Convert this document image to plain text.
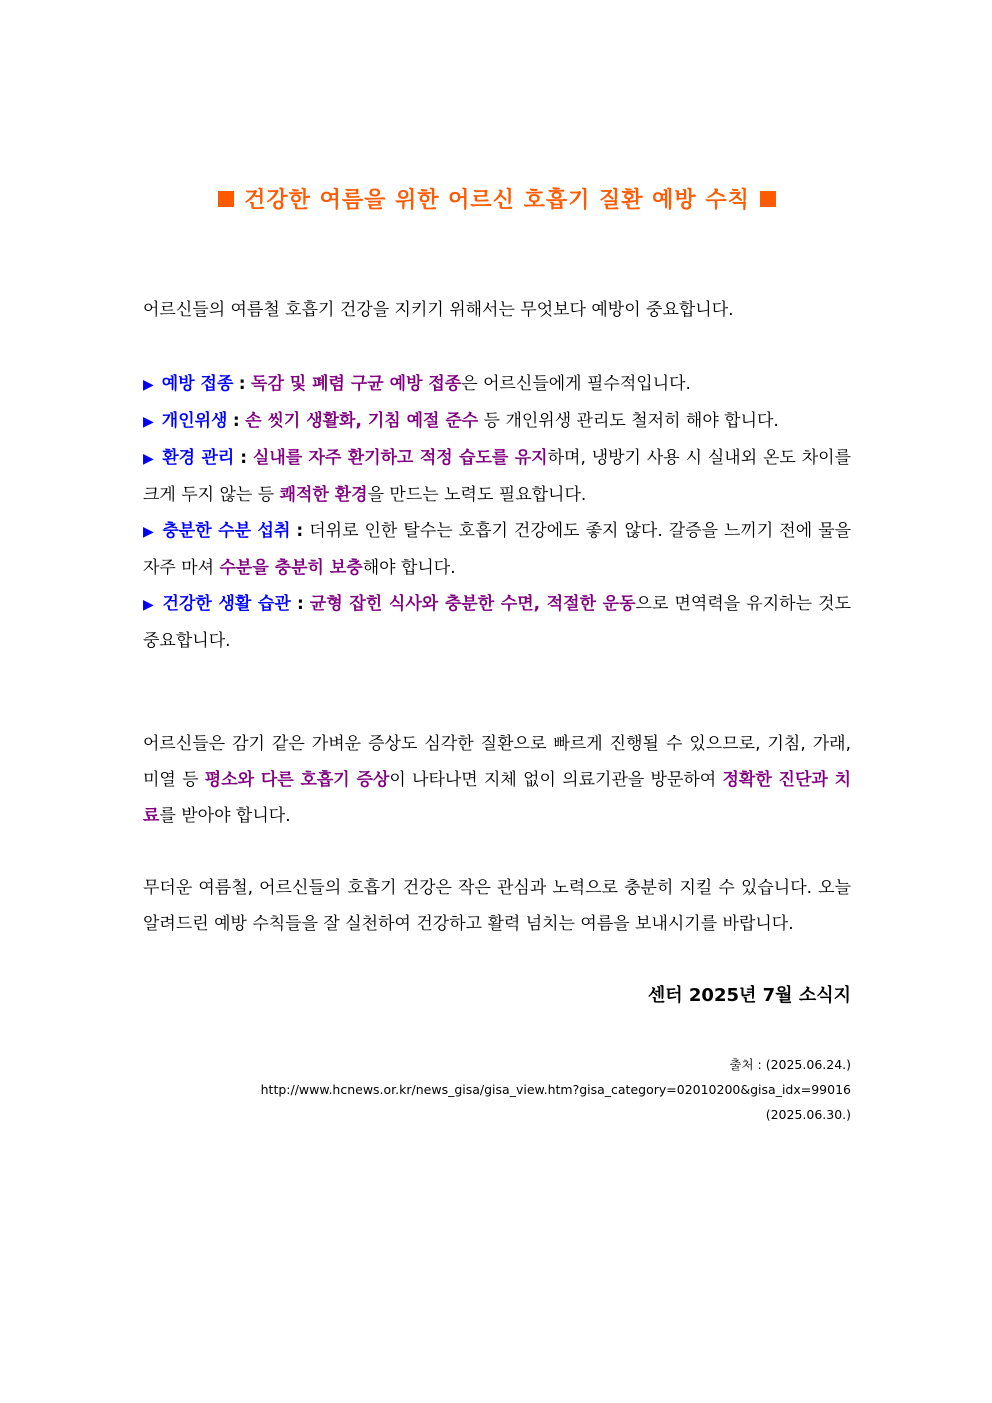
건강한 여름을 위한 어르신 호흡기 질환 예방 수칙
어르신들의 여름철 호흡기 건강을 지키기 위해서는 무엇보다 예방이 중요합니다.

▶ 예방 접종 : 독감 및 폐렴 구균 예방 접종은 어르신들에게 필수적입니다.

▶ 개인위생 : 손 씻기 생활화, 기침 예절 준수 등 개인위생 관리도 철저히 해야 합니다.

▶ 환경 관리 : 실내를 자주 환기하고 적정 습도를 유지하며, 냉방기 사용 시 실내외 온도 차이를 크게 두지 않는 등 쾌적한 환경을 만드는 노력도 필요합니다.

▶ 충분한 수분 섭취 : 더위로 인한 탈수는 호흡기 건강에도 좋지 않다. 갈증을 느끼기 전에 물을 자주 마셔 수분을 충분히 보충해야 합니다.

▶ 건강한 생활 습관 : 균형 잡힌 식사와 충분한 수면, 적절한 운동으로 면역력을 유지하는 것도 중요합니다.

어르신들은 감기 같은 가벼운 증상도 심각한 질환으로 빠르게 진행될 수 있으므로, 기침, 가래, 미열 등 평소와 다른 호흡기 증상이 나타나면 지체 없이 의료기관을 방문하여 정확한 진단과 치료를 받아야 합니다.
무더운 여름철, 어르신들의 호흡기 건강은 작은 관심과 노력으로 충분히 지킬 수 있습니다. 오늘 알려드린 예방 수칙들을 잘 실천하여 건강하고 활력 넘치는 여름을 보내시기를 바랍니다.
센터 2025년 7월 소식지
출처 : (2025.06.24.)
http://www.hcnews.or.kr/news_gisa/gisa_view.htm?gisa_category=02010200&gisa_idx=99016
(2025.06.30.)
